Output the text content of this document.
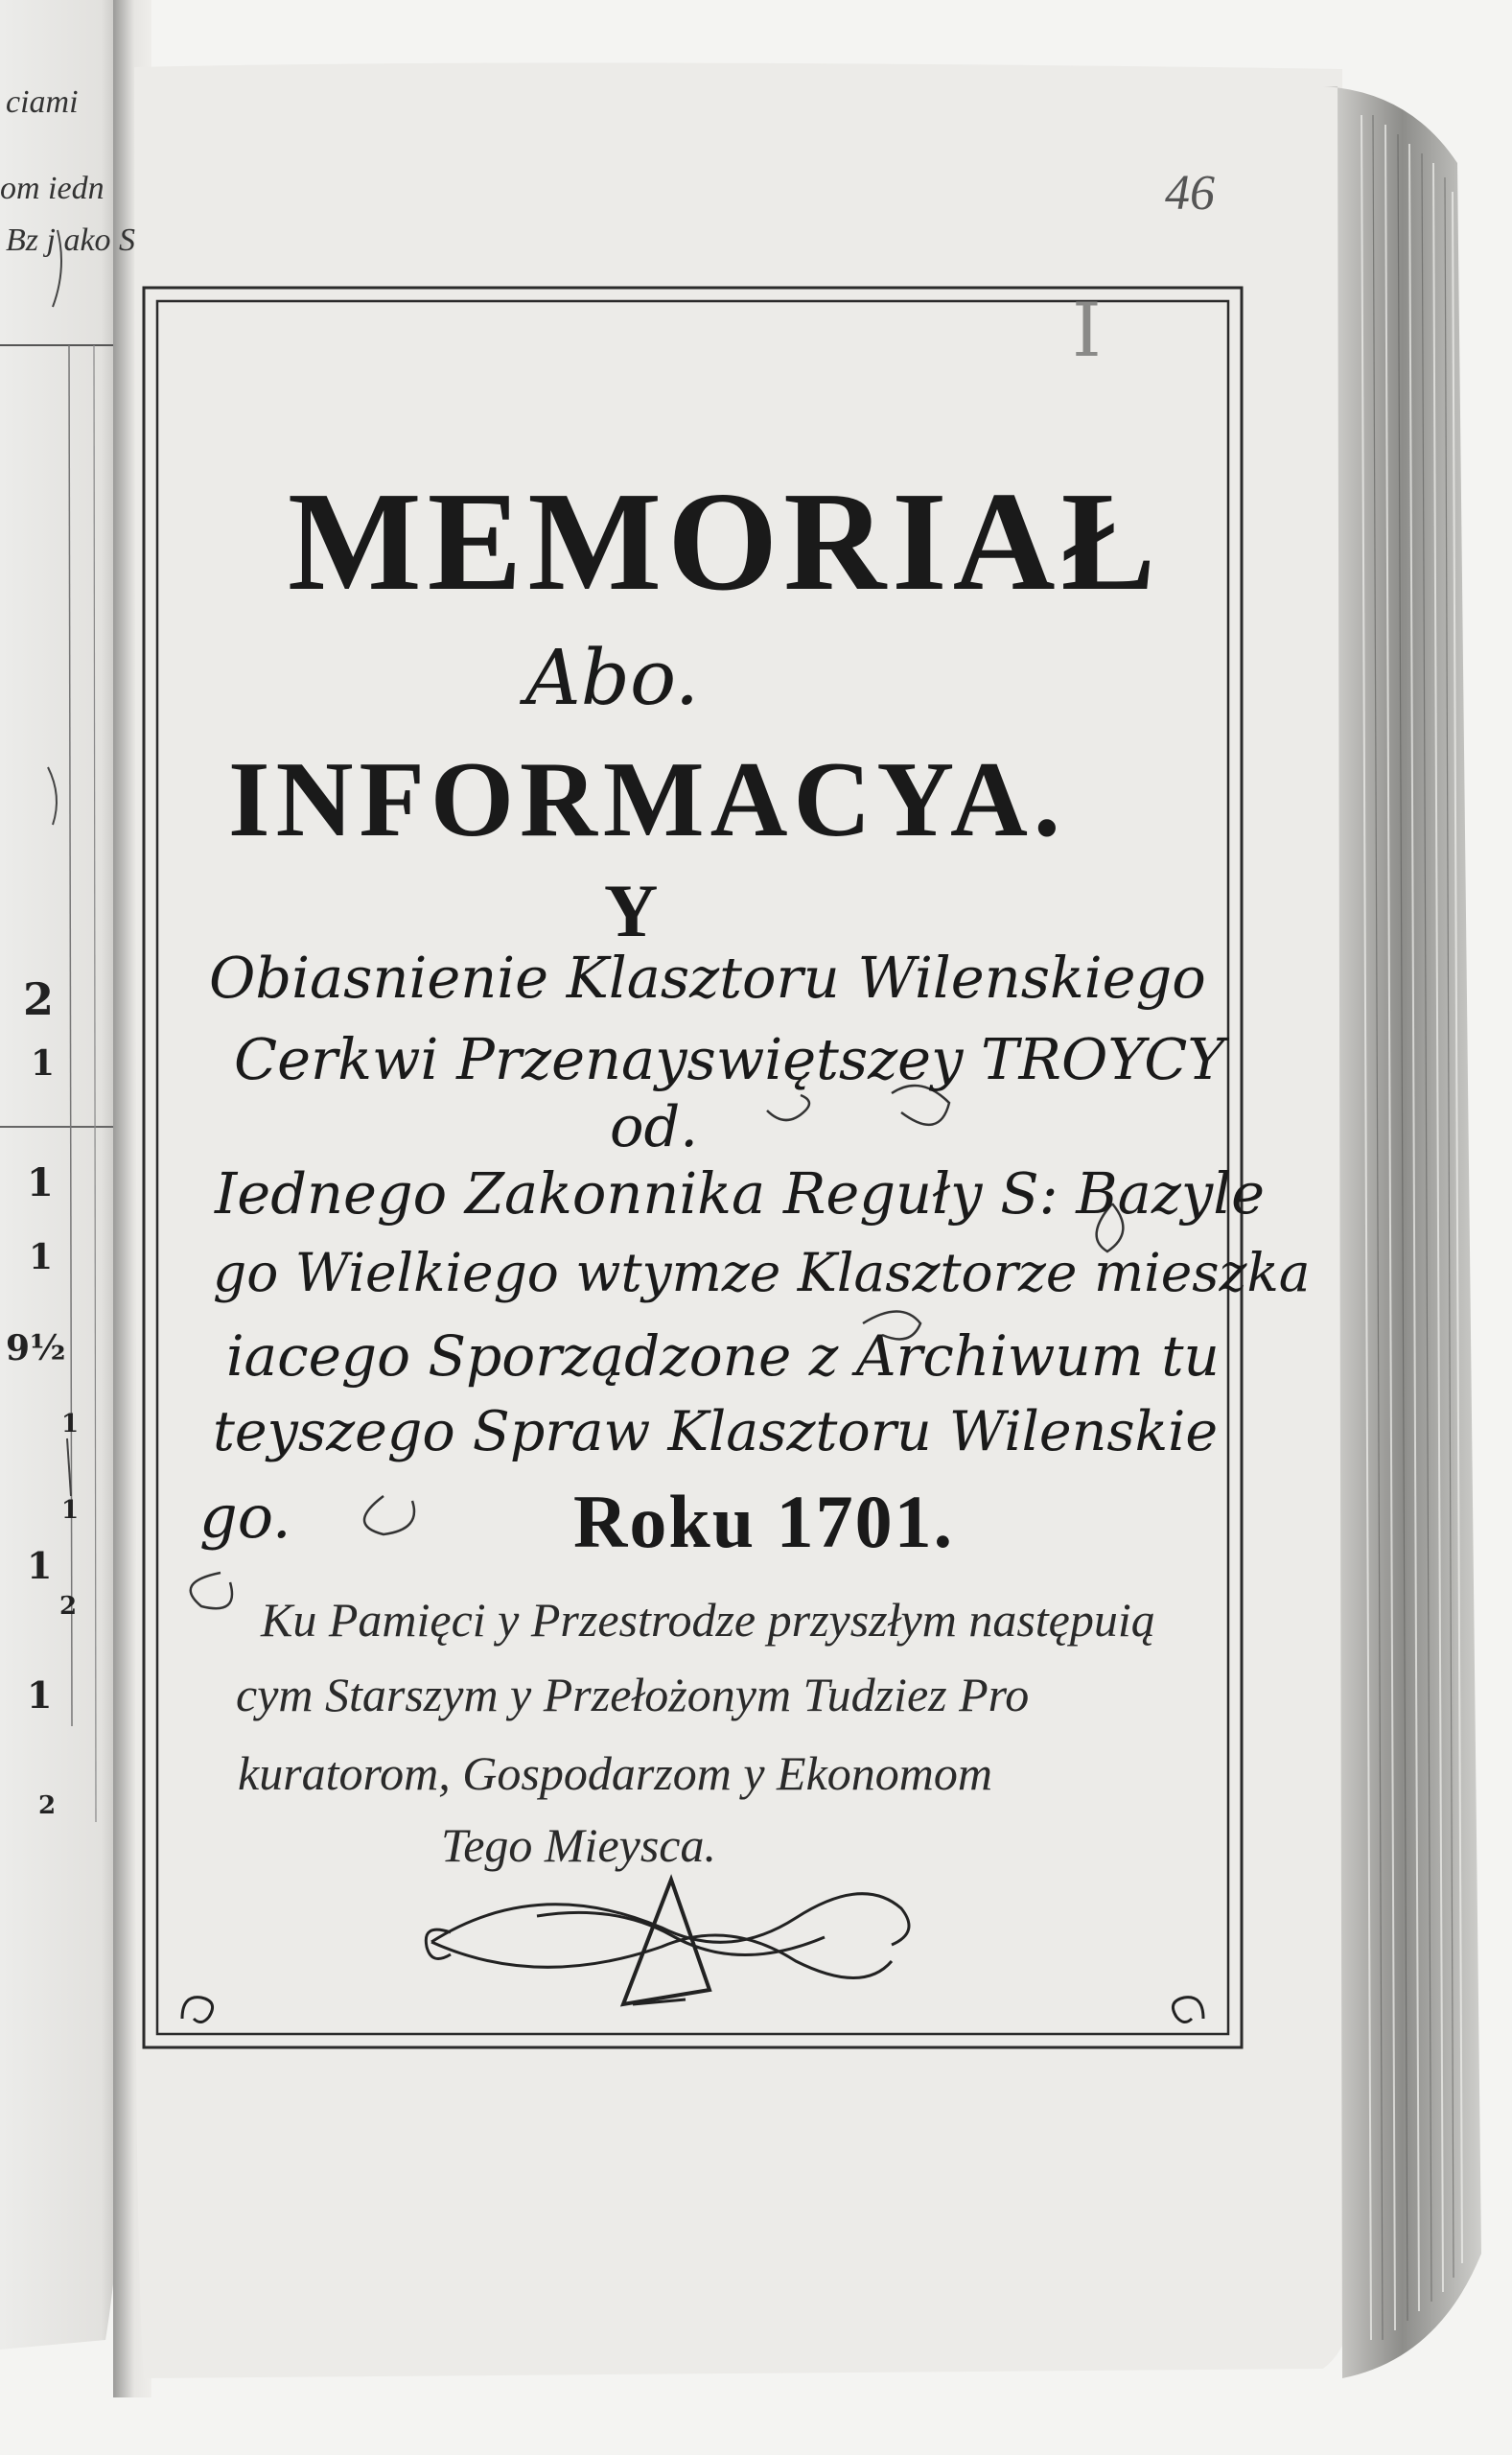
ciami
om iedn
Bz j ako S
2
1
1
1
9½
1
1
1
2
1
2
46
I
MEMORIAŁ
Abo.
INFORMACYA.
Y
Obiasnienie Klasztoru Wilenskiego
Cerkwi Przenayswiętszey TROYCY
od.
Iednego Zakonnika Reguły S: Bazyle
go Wielkiego wtymze Klasztorze mieszka
iacego Sporządzone z Archiwum tu
teyszego Spraw Klasztoru Wilenskie
go.	Roku 1701.
Ku Pamięci y Przestrodze przyszłym następuią
cym Starszym y Przełożonym Tudziez Pro
kuratorom, Gospodarzom y Ekonomom
Tego Mieysca.
